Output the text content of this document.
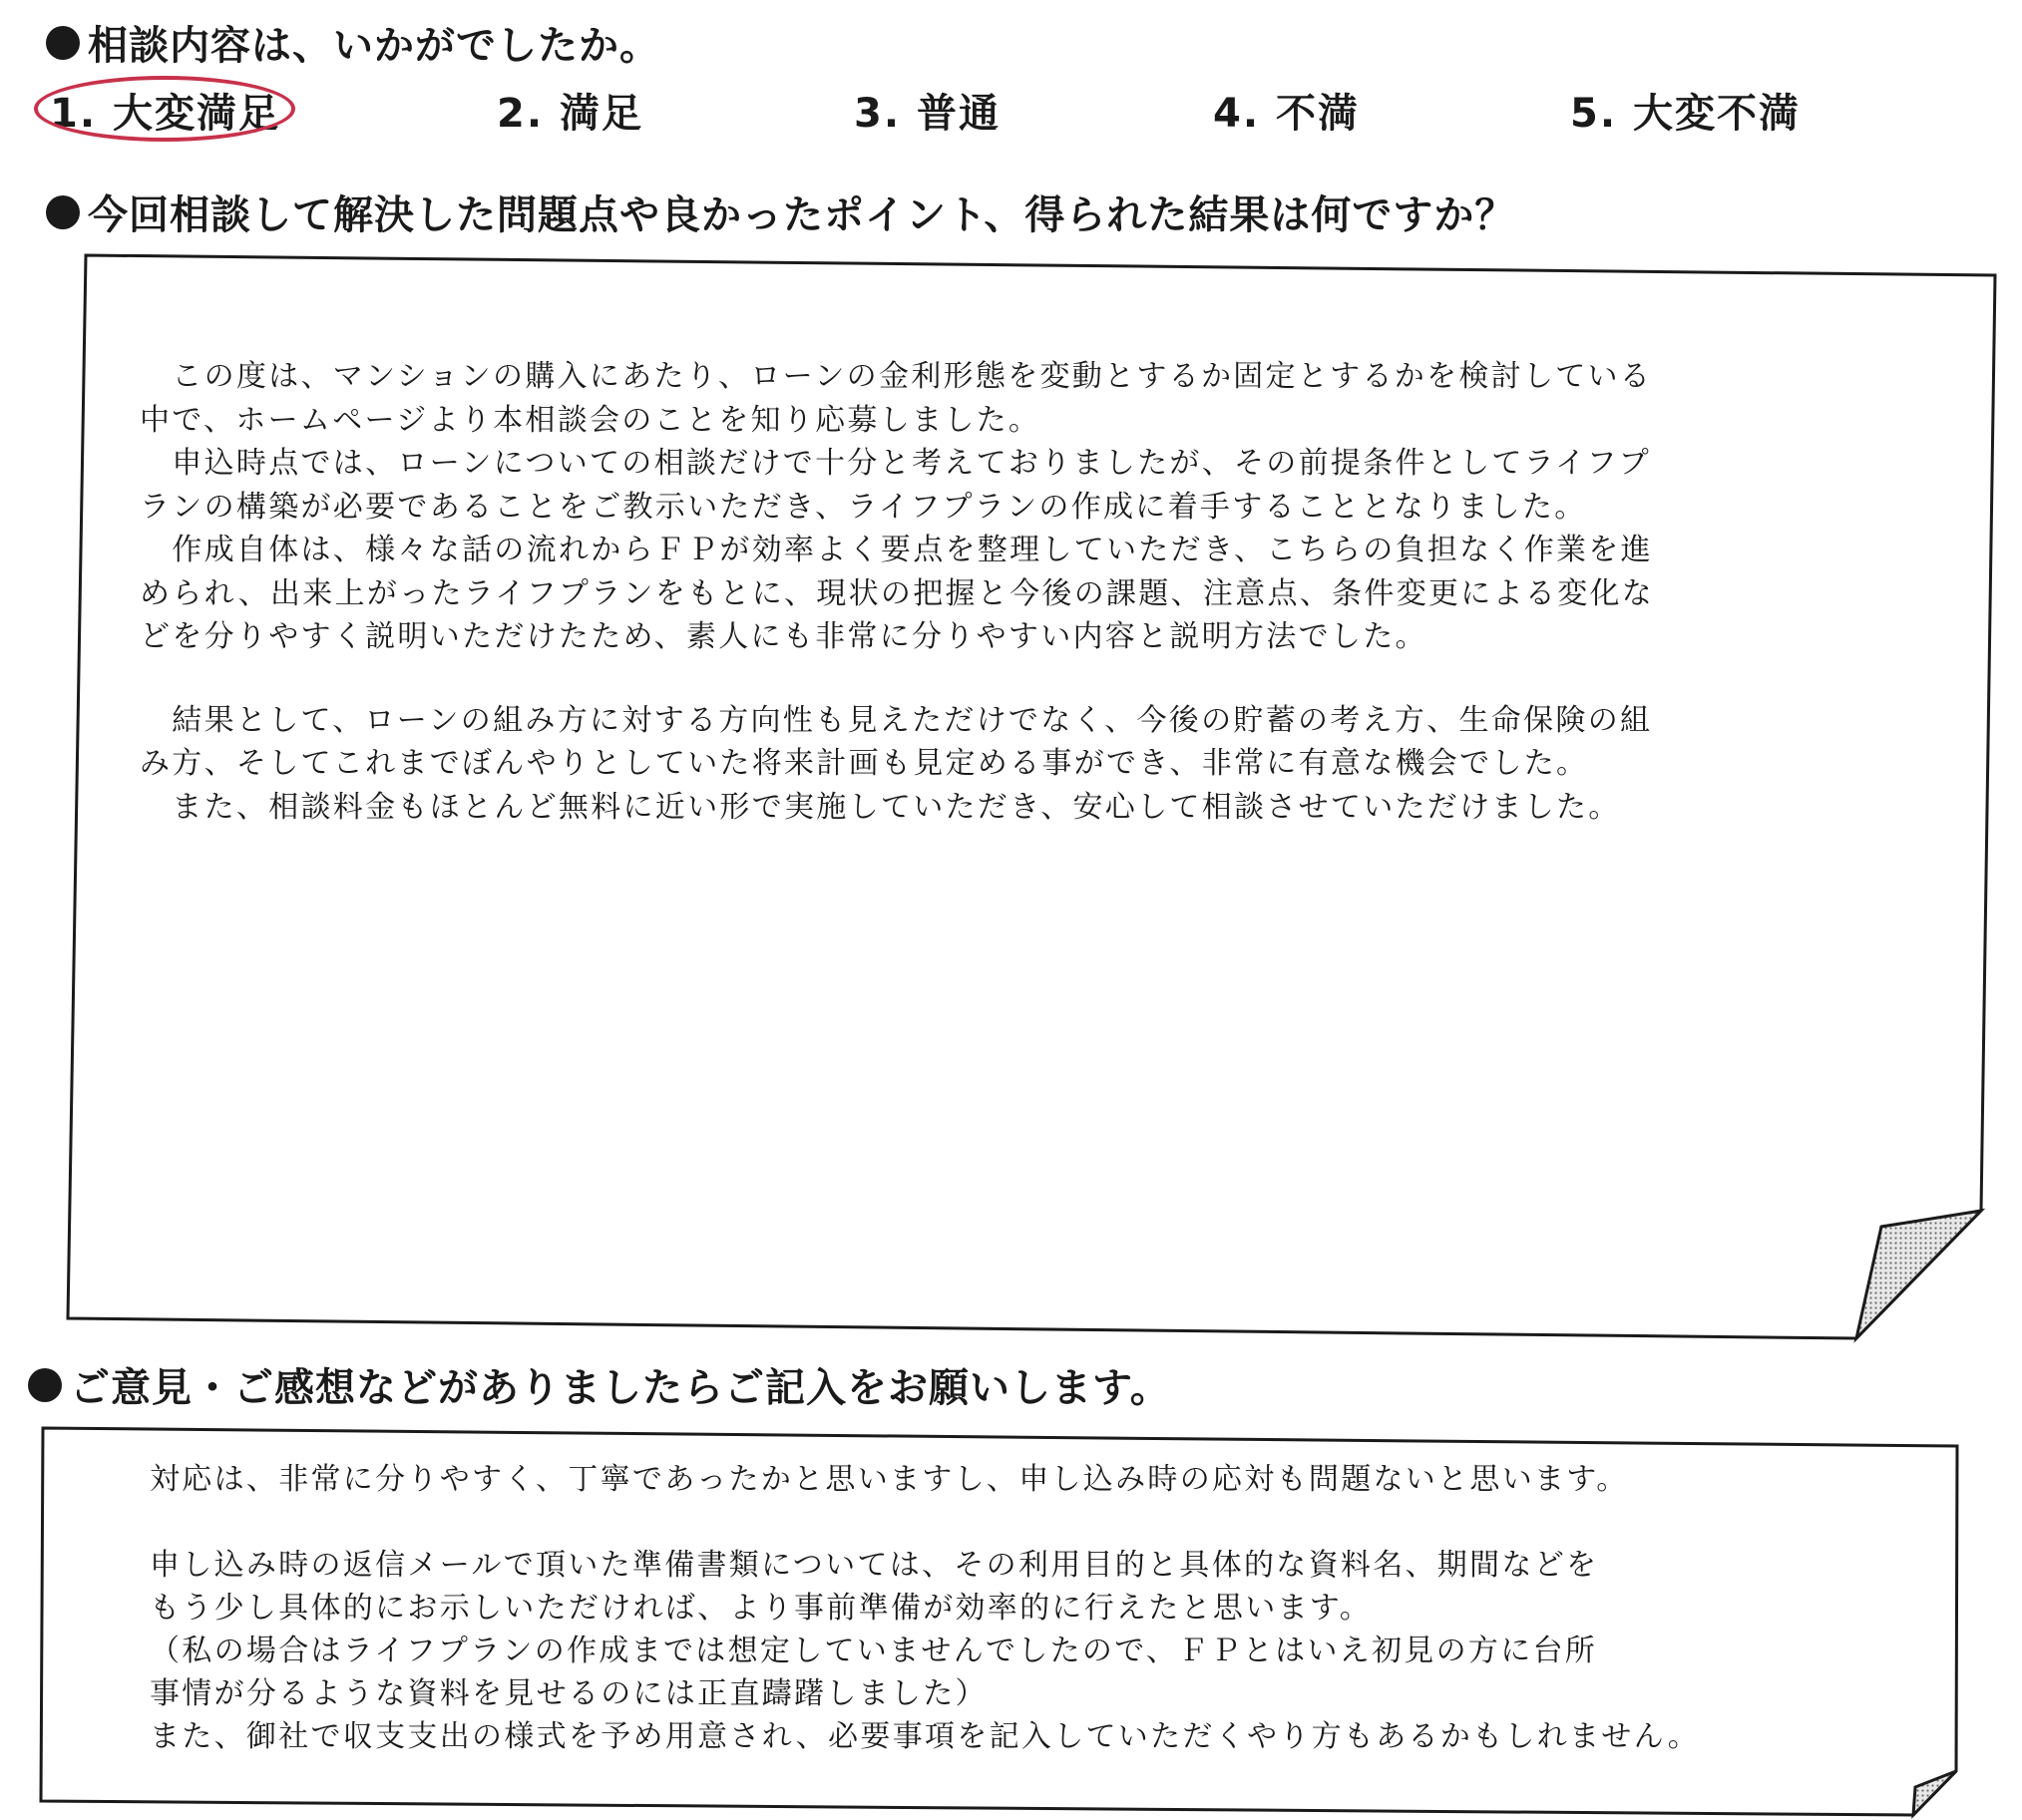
相談内容は、いかがでしたか。
1. 大変満足	2. 満足	3. 普通	4. 不満	5. 大変不満
今回相談して解決した問題点や良かったポイント、得られた結果は何ですか？
　この度は、マンションの購入にあたり、ローンの金利形態を変動とするか固定とするかを検討している
中で、ホームページより本相談会のことを知り応募しました。
　申込時点では、ローンについての相談だけで十分と考えておりましたが、その前提条件としてライフプ
ランの構築が必要であることをご教示いただき、ライフプランの作成に着手することとなりました。
　作成自体は、様々な話の流れからＦＰが効率よく要点を整理していただき、こちらの負担なく作業を進
められ、出来上がったライフプランをもとに、現状の把握と今後の課題、注意点、条件変更による変化な
どを分りやすく説明いただけたため、素人にも非常に分りやすい内容と説明方法でした。
　結果として、ローンの組み方に対する方向性も見えただけでなく、今後の貯蓄の考え方、生命保険の組
み方、そしてこれまでぼんやりとしていた将来計画も見定める事ができ、非常に有意な機会でした。
　また、相談料金もほとんど無料に近い形で実施していただき、安心して相談させていただけました。
ご意見・ご感想などがありましたらご記入をお願いします。
対応は、非常に分りやすく、丁寧であったかと思いますし、申し込み時の応対も問題ないと思います。
申し込み時の返信メールで頂いた準備書類については、その利用目的と具体的な資料名、期間などを
もう少し具体的にお示しいただければ、より事前準備が効率的に行えたと思います。
（私の場合はライフプランの作成までは想定していませんでしたので、ＦＰとはいえ初見の方に台所
事情が分るような資料を見せるのには正直躊躇しました）
また、御社で収支支出の様式を予め用意され、必要事項を記入していただくやり方もあるかもしれません。
